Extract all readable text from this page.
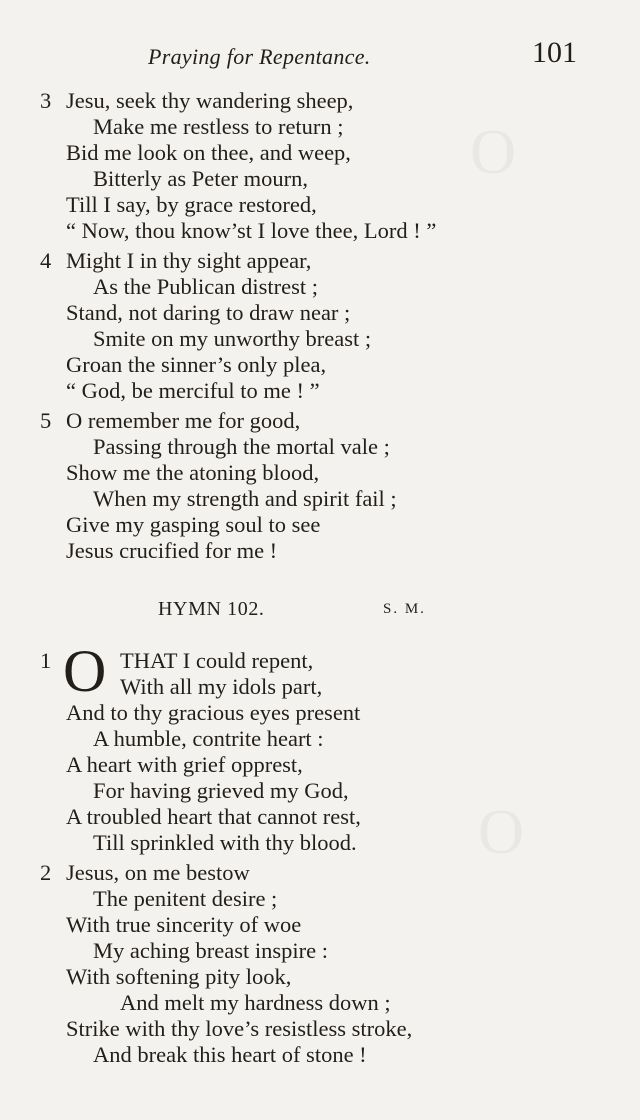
O
O
Praying for Repentance.	101
3 Jesu, seek thy wandering sheep,
Make me restless to return ;
Bid me look on thee, and weep,
Bitterly as Peter mourn,
Till I say, by grace restored,
“ Now, thou know’st I love thee, Lord ! ”
4 Might I in thy sight appear,
As the Publican distrest ;
Stand, not daring to draw near ;
Smite on my unworthy breast ;
Groan the sinner’s only plea,
“ God, be merciful to me ! ”
5 O remember me for good,
Passing through the mortal vale ;
Show me the atoning blood,
When my strength and spirit fail ;
Give my gasping soul to see
Jesus crucified for me !
HYMN 102.	S. M.
1 O THAT I could repent,
With all my idols part,
And to thy gracious eyes present
A humble, contrite heart :
A heart with grief opprest,
For having grieved my God,
A troubled heart that cannot rest,
Till sprinkled with thy blood.
2 Jesus, on me bestow
The penitent desire ;
With true sincerity of woe
My aching breast inspire :
With softening pity look,
And melt my hardness down ;
Strike with thy love’s resistless stroke,
And break this heart of stone !
